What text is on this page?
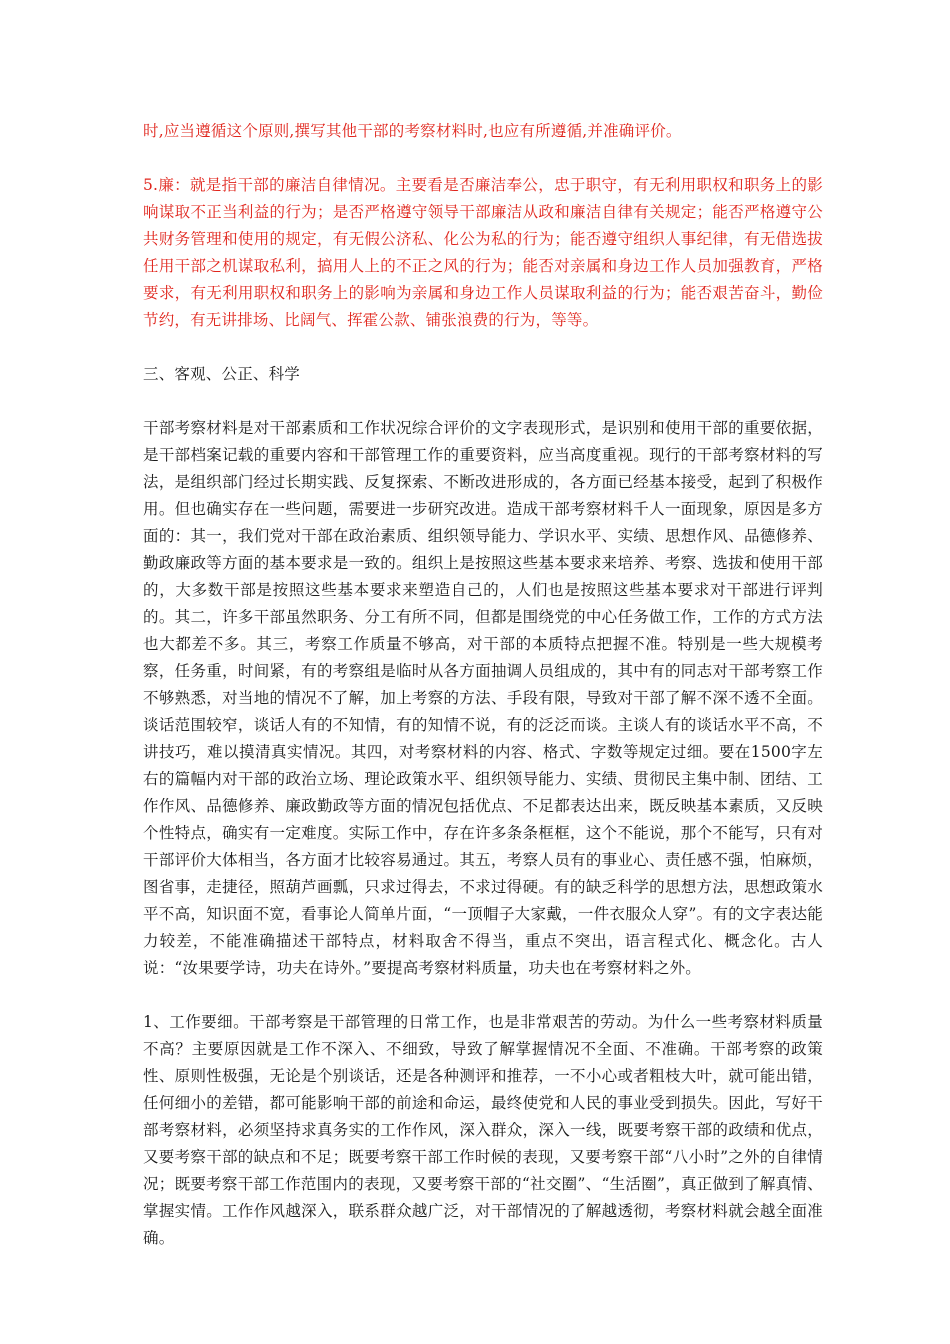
时,应当遵循这个原则,撰写其他干部的考察材料时,也应有所遵循,并准确评价。

5.廉：就是指干部的廉洁自律情况。主要看是否廉洁奉公，忠于职守，有无利用职权和职务上的影响谋取不正当利益的行为；是否严格遵守领导干部廉洁从政和廉洁自律有关规定；能否严格遵守公共财务管理和使用的规定，有无假公济私、化公为私的行为；能否遵守组织人事纪律，有无借选拔任用干部之机谋取私利，搞用人上的不正之风的行为；能否对亲属和身边工作人员加强教育，严格要求，有无利用职权和职务上的影响为亲属和身边工作人员谋取利益的行为；能否艰苦奋斗，勤俭节约，有无讲排场、比阔气、挥霍公款、铺张浪费的行为，等等。

三、客观、公正、科学

干部考察材料是对干部素质和工作状况综合评价的文字表现形式，是识别和使用干部的重要依据，是干部档案记载的重要内容和干部管理工作的重要资料，应当高度重视。现行的干部考察材料的写法，是组织部门经过长期实践、反复探索、不断改进形成的，各方面已经基本接受，起到了积极作用。但也确实存在一些问题，需要进一步研究改进。造成干部考察材料千人一面现象，原因是多方面的：其一，我们党对干部在政治素质、组织领导能力、学识水平、实绩、思想作风、品德修养、勤政廉政等方面的基本要求是一致的。组织上是按照这些基本要求来培养、考察、选拔和使用干部的，大多数干部是按照这些基本要求来塑造自己的，人们也是按照这些基本要求对干部进行评判的。其二，许多干部虽然职务、分工有所不同，但都是围绕党的中心任务做工作，工作的方式方法也大都差不多。其三，考察工作质量不够高，对干部的本质特点把握不准。特别是一些大规模考察，任务重，时间紧，有的考察组是临时从各方面抽调人员组成的，其中有的同志对干部考察工作不够熟悉，对当地的情况不了解，加上考察的方法、手段有限，导致对干部了解不深不透不全面。谈话范围较窄，谈话人有的不知情，有的知情不说，有的泛泛而谈。主谈人有的谈话水平不高，不讲技巧，难以摸清真实情况。其四，对考察材料的内容、格式、字数等规定过细。要在1500字左右的篇幅内对干部的政治立场、理论政策水平、组织领导能力、实绩、贯彻民主集中制、团结、工作作风、品德修养、廉政勤政等方面的情况包括优点、不足都表达出来，既反映基本素质，又反映个性特点，确实有一定难度。实际工作中，存在许多条条框框，这个不能说，那个不能写，只有对干部评价大体相当，各方面才比较容易通过。其五，考察人员有的事业心、责任感不强，怕麻烦，图省事，走捷径，照葫芦画瓢，只求过得去，不求过得硬。有的缺乏科学的思想方法，思想政策水平不高，知识面不宽，看事论人简单片面，“一顶帽子大家戴，一件衣服众人穿”。有的文字表达能力较差，不能准确描述干部特点，材料取舍不得当，重点不突出，语言程式化、概念化。古人说：“汝果要学诗，功夫在诗外。”要提高考察材料质量，功夫也在考察材料之外。

1、工作要细。干部考察是干部管理的日常工作，也是非常艰苦的劳动。为什么一些考察材料质量不高？主要原因就是工作不深入、不细致，导致了解掌握情况不全面、不准确。干部考察的政策性、原则性极强，无论是个别谈话，还是各种测评和推荐，一不小心或者粗枝大叶，就可能出错，任何细小的差错，都可能影响干部的前途和命运，最终使党和人民的事业受到损失。因此，写好干部考察材料，必须坚持求真务实的工作作风，深入群众，深入一线，既要考察干部的政绩和优点，又要考察干部的缺点和不足；既要考察干部工作时候的表现，又要考察干部“八小时”之外的自律情况；既要考察干部工作范围内的表现，又要考察干部的“社交圈”、“生活圈”，真正做到了解真情、掌握实情。工作作风越深入，联系群众越广泛，对干部情况的了解越透彻，考察材料就会越全面准确。
